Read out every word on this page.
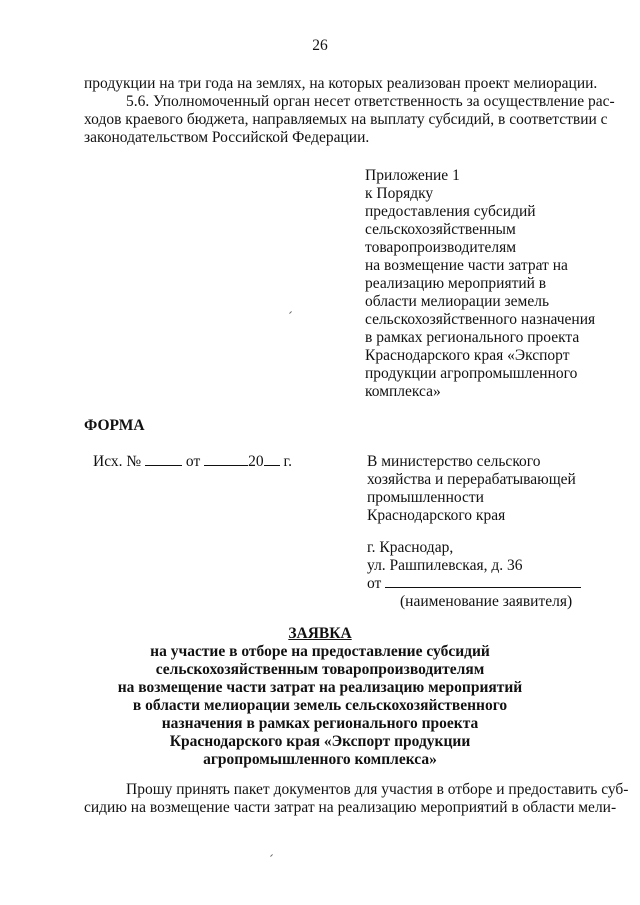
26
продукции на три года на землях, на которых реализован проект мелиорации.
5.6. Уполномоченный орган несет ответственность за осуществление рас-
ходов краевого бюджета, направляемых на выплату субсидий, в соответствии с
законодательством Российской Федерации.
Приложение 1
к Порядку
предоставления субсидий
сельскохозяйственным
товаропроизводителям
на возмещение части затрат на
реализацию мероприятий в
области мелиорации земель
сельскохозяйственного назначения
в рамках регионального проекта
Краснодарского края «Экспорт
продукции агропромышленного
комплекса»
ФОРМА
Исх. №	от	20 г.	В министерство сельского
хозяйства и перерабатывающей
промышленности
Краснодарского края
г. Краснодар,
ул. Рашпилевская, д. 36
от
(наименование заявителя)
ЗАЯВКА
на участие в отборе на предоставление субсидий
сельскохозяйственным товаропроизводителям
на возмещение части затрат на реализацию мероприятий
в области мелиорации земель сельскохозяйственного
назначения в рамках регионального проекта
Краснодарского края «Экспорт продукции
агропромышленного комплекса»
Прошу принять пакет документов для участия в отборе и предоставить суб-
сидию на возмещение части затрат на реализацию мероприятий в области мели-
